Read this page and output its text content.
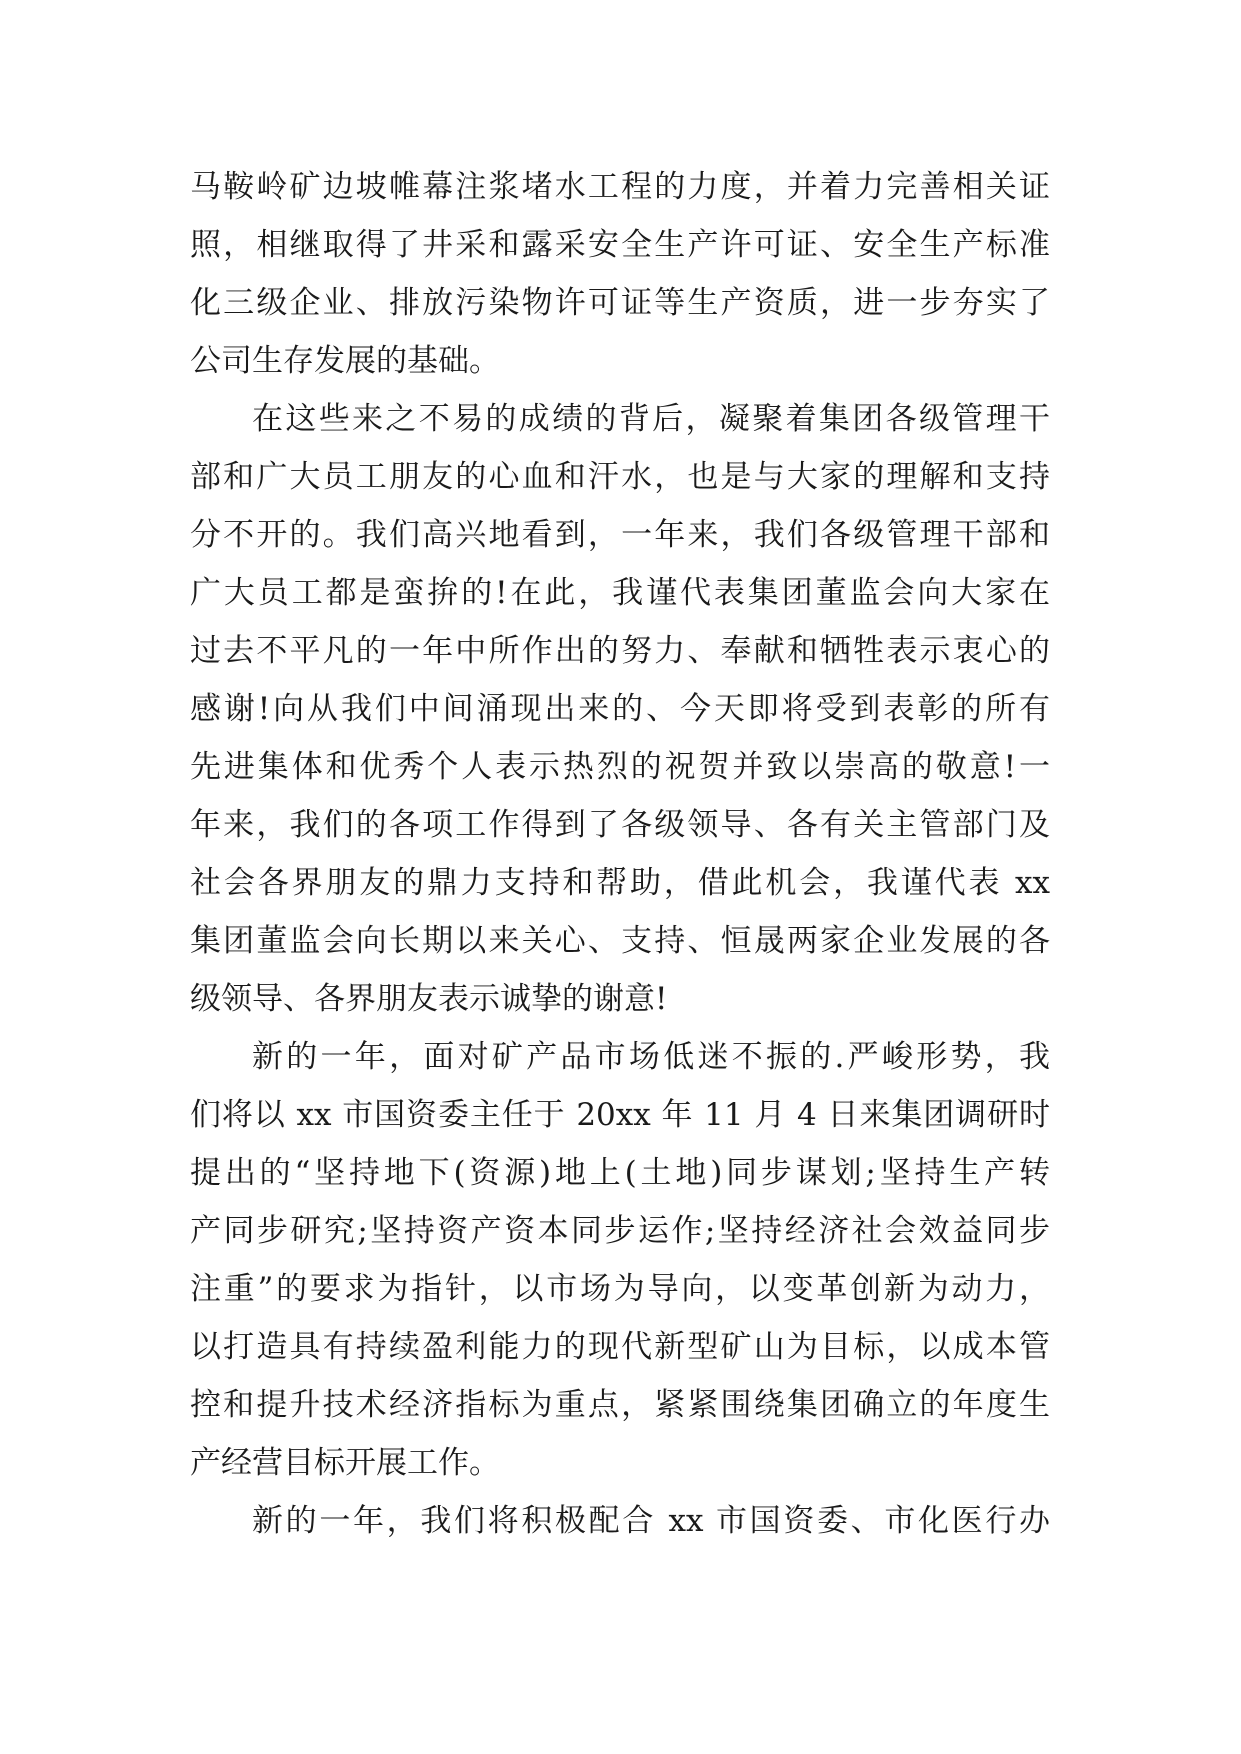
马鞍岭矿边坡帷幕注浆堵水工程的力度，并着力完善相关证
照，相继取得了井采和露采安全生产许可证、安全生产标准
化三级企业、排放污染物许可证等生产资质，进一步夯实了
公司生存发展的基础。
在这些来之不易的成绩的背后，凝聚着集团各级管理干
部和广大员工朋友的心血和汗水，也是与大家的理解和支持
分不开的。我们高兴地看到，一年来，我们各级管理干部和
广大员工都是蛮拚的!在此，我谨代表集团董监会向大家在
过去不平凡的一年中所作出的努力、奉献和牺牲表示衷心的
感谢!向从我们中间涌现出来的、今天即将受到表彰的所有
先进集体和优秀个人表示热烈的祝贺并致以崇高的敬意!一
年来，我们的各项工作得到了各级领导、各有关主管部门及
社会各界朋友的鼎力支持和帮助，借此机会，我谨代表 xx
集团董监会向长期以来关心、支持、恒晟两家企业发展的各
级领导、各界朋友表示诚挚的谢意!
新的一年，面对矿产品市场低迷不振的.严峻形势，我
们将以 xx 市国资委主任于 20xx 年 11 月 4 日来集团调研时
提出的“坚持地下(资源)地上(土地)同步谋划;坚持生产转
产同步研究;坚持资产资本同步运作;坚持经济社会效益同步
注重”的要求为指针，以市场为导向，以变革创新为动力，
以打造具有持续盈利能力的现代新型矿山为目标，以成本管
控和提升技术经济指标为重点，紧紧围绕集团确立的年度生
产经营目标开展工作。
新的一年，我们将积极配合 xx 市国资委、市化医行办
